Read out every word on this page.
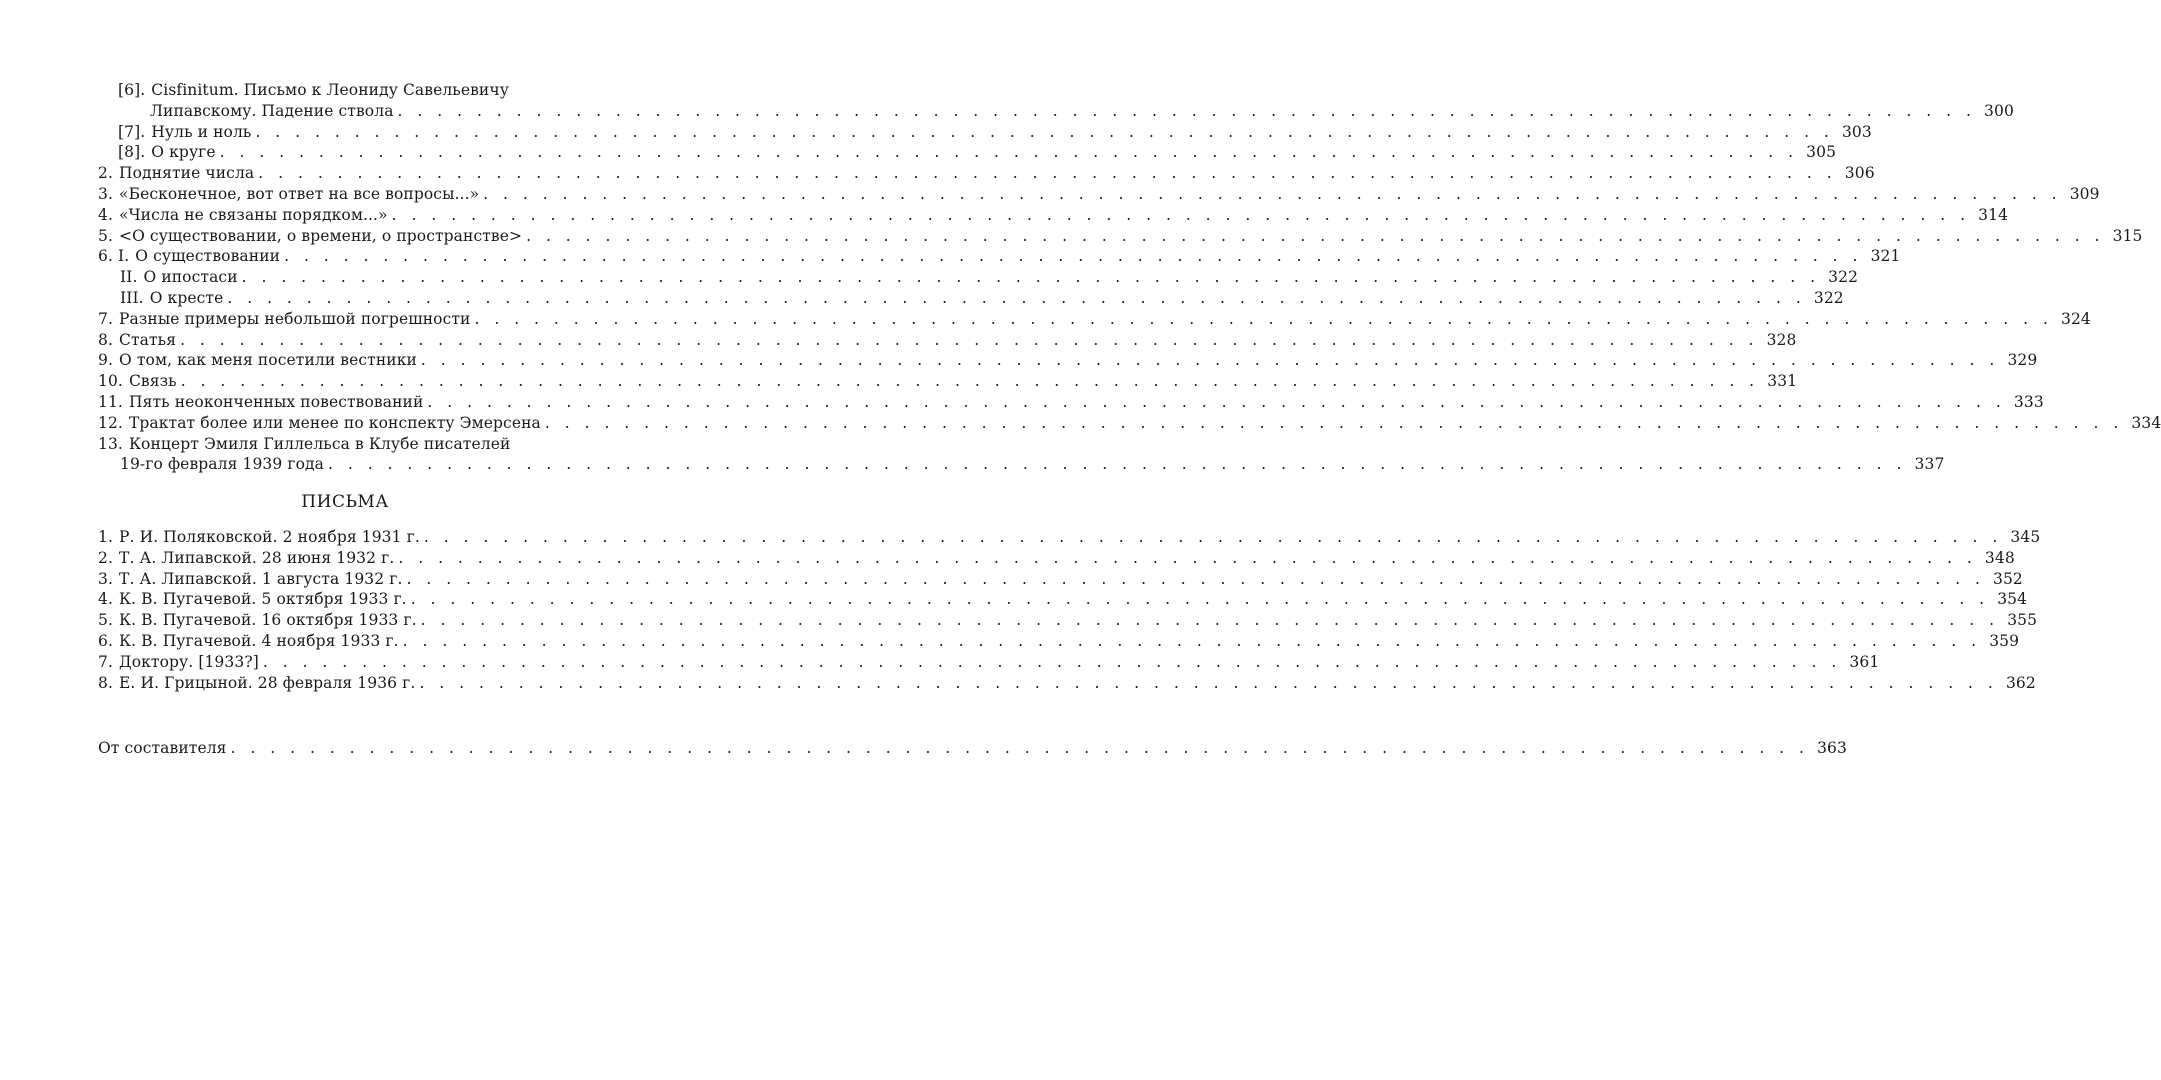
[6]. Cisfinitum. Письмо к Леониду Савельевичу
Липавскому. Падение ствола . . . . . . . . . . . . . . . . . . . . . . . . . . . . . . . . . . . . . . . . . . . . . . . . . . . . . . . . . . . . . . . . . . . . . . . . . . . . . . . . 300
[7]. Нуль и ноль . . . . . . . . . . . . . . . . . . . . . . . . . . . . . . . . . . . . . . . . . . . . . . . . . . . . . . . . . . . . . . . . . . . . . . . . . . . . . . . . 303
[8]. О круге . . . . . . . . . . . . . . . . . . . . . . . . . . . . . . . . . . . . . . . . . . . . . . . . . . . . . . . . . . . . . . . . . . . . . . . . . . . . . . . . 305
2. Поднятие числа . . . . . . . . . . . . . . . . . . . . . . . . . . . . . . . . . . . . . . . . . . . . . . . . . . . . . . . . . . . . . . . . . . . . . . . . . . . . . . . . 306
3. «Бесконечное, вот ответ на все вопросы...» . . . . . . . . . . . . . . . . . . . . . . . . . . . . . . . . . . . . . . . . . . . . . . . . . . . . . . . . . . . . . . . . . . . . . . . . . . . . . . . . 309
4. «Числа не связаны порядком...» . . . . . . . . . . . . . . . . . . . . . . . . . . . . . . . . . . . . . . . . . . . . . . . . . . . . . . . . . . . . . . . . . . . . . . . . . . . . . . . . 314
5. <О существовании, о времени, о пространстве> . . . . . . . . . . . . . . . . . . . . . . . . . . . . . . . . . . . . . . . . . . . . . . . . . . . . . . . . . . . . . . . . . . . . . . . . . . . . . . . . 315
6. I. О существовании . . . . . . . . . . . . . . . . . . . . . . . . . . . . . . . . . . . . . . . . . . . . . . . . . . . . . . . . . . . . . . . . . . . . . . . . . . . . . . . . 321
II. О ипостаси . . . . . . . . . . . . . . . . . . . . . . . . . . . . . . . . . . . . . . . . . . . . . . . . . . . . . . . . . . . . . . . . . . . . . . . . . . . . . . . . 322
III. О кресте . . . . . . . . . . . . . . . . . . . . . . . . . . . . . . . . . . . . . . . . . . . . . . . . . . . . . . . . . . . . . . . . . . . . . . . . . . . . . . . . 322
7. Разные примеры небольшой погрешности . . . . . . . . . . . . . . . . . . . . . . . . . . . . . . . . . . . . . . . . . . . . . . . . . . . . . . . . . . . . . . . . . . . . . . . . . . . . . . . . 324
8. Статья . . . . . . . . . . . . . . . . . . . . . . . . . . . . . . . . . . . . . . . . . . . . . . . . . . . . . . . . . . . . . . . . . . . . . . . . . . . . . . . . 328
9. О том, как меня посетили вестники . . . . . . . . . . . . . . . . . . . . . . . . . . . . . . . . . . . . . . . . . . . . . . . . . . . . . . . . . . . . . . . . . . . . . . . . . . . . . . . . 329
10. Связь . . . . . . . . . . . . . . . . . . . . . . . . . . . . . . . . . . . . . . . . . . . . . . . . . . . . . . . . . . . . . . . . . . . . . . . . . . . . . . . . 331
11. Пять неоконченных повествований . . . . . . . . . . . . . . . . . . . . . . . . . . . . . . . . . . . . . . . . . . . . . . . . . . . . . . . . . . . . . . . . . . . . . . . . . . . . . . . . 333
12. Трактат более или менее по конспекту Эмерсена . . . . . . . . . . . . . . . . . . . . . . . . . . . . . . . . . . . . . . . . . . . . . . . . . . . . . . . . . . . . . . . . . . . . . . . . . . . . . . . . 334
13. Концерт Эмиля Гиллельса в Клубе писателей
19-го февраля 1939 года . . . . . . . . . . . . . . . . . . . . . . . . . . . . . . . . . . . . . . . . . . . . . . . . . . . . . . . . . . . . . . . . . . . . . . . . . . . . . . . . 337
ПИСЬМА
1. Р. И. Поляковской. 2 ноября 1931 г. . . . . . . . . . . . . . . . . . . . . . . . . . . . . . . . . . . . . . . . . . . . . . . . . . . . . . . . . . . . . . . . . . . . . . . . . . . . . . . . . 345
2. Т. А. Липавской. 28 июня 1932 г. . . . . . . . . . . . . . . . . . . . . . . . . . . . . . . . . . . . . . . . . . . . . . . . . . . . . . . . . . . . . . . . . . . . . . . . . . . . . . . . . 348
3. Т. А. Липавской. 1 августа 1932 г. . . . . . . . . . . . . . . . . . . . . . . . . . . . . . . . . . . . . . . . . . . . . . . . . . . . . . . . . . . . . . . . . . . . . . . . . . . . . . . . . 352
4. К. В. Пугачевой. 5 октября 1933 г. . . . . . . . . . . . . . . . . . . . . . . . . . . . . . . . . . . . . . . . . . . . . . . . . . . . . . . . . . . . . . . . . . . . . . . . . . . . . . . . . 354
5. К. В. Пугачевой. 16 октября 1933 г. . . . . . . . . . . . . . . . . . . . . . . . . . . . . . . . . . . . . . . . . . . . . . . . . . . . . . . . . . . . . . . . . . . . . . . . . . . . . . . . . 355
6. К. В. Пугачевой. 4 ноября 1933 г. . . . . . . . . . . . . . . . . . . . . . . . . . . . . . . . . . . . . . . . . . . . . . . . . . . . . . . . . . . . . . . . . . . . . . . . . . . . . . . . . 359
7. Доктору. [1933?] . . . . . . . . . . . . . . . . . . . . . . . . . . . . . . . . . . . . . . . . . . . . . . . . . . . . . . . . . . . . . . . . . . . . . . . . . . . . . . . . 361
8. Е. И. Грицыной. 28 февраля 1936 г. . . . . . . . . . . . . . . . . . . . . . . . . . . . . . . . . . . . . . . . . . . . . . . . . . . . . . . . . . . . . . . . . . . . . . . . . . . . . . . . . 362
От составителя . . . . . . . . . . . . . . . . . . . . . . . . . . . . . . . . . . . . . . . . . . . . . . . . . . . . . . . . . . . . . . . . . . . . . . . . . . . . . . . . 363
